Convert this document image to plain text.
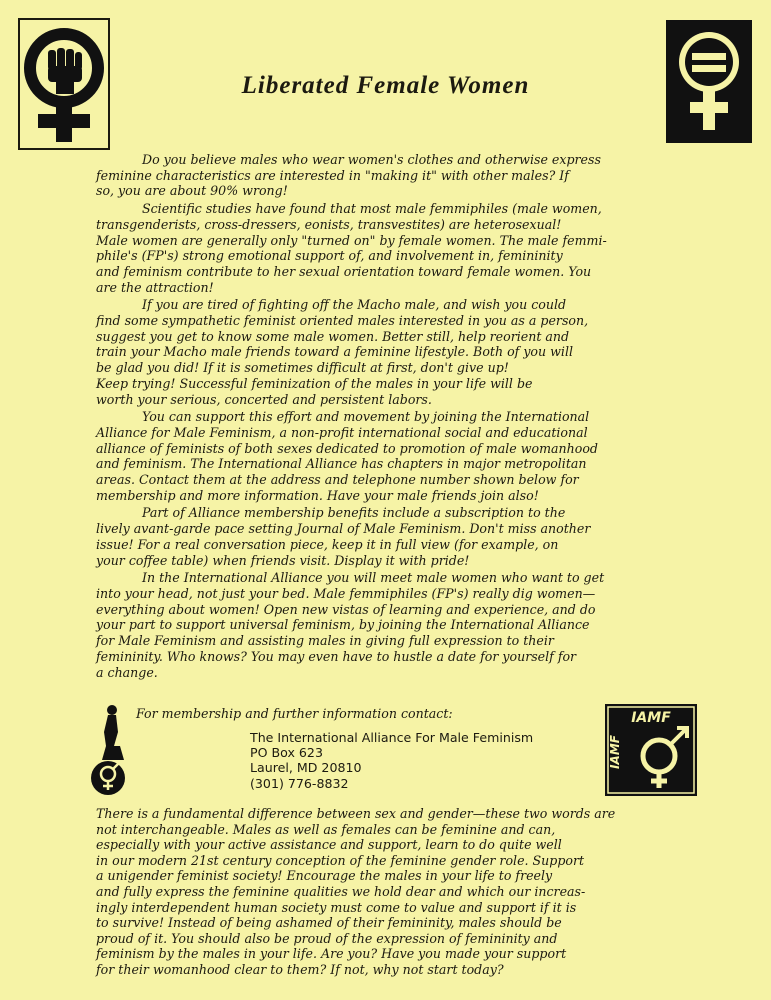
Liberated Female Women

Do you believe males who wear women's clothes and otherwise express
feminine characteristics are interested in "making it" with other males? If
so, you are about 90% wrong!

Scientific studies have found that most male femmiphiles (male women,
transgenderists, cross-dressers, eonists, transvestites) are heterosexual!
Male women are generally only "turned on" by female women. The male femmi-
phile's (FP's) strong emotional support of, and involvement in, femininity
and feminism contribute to her sexual orientation toward female women. You
are the attraction!

If you are tired of fighting off the Macho male, and wish you could
find some sympathetic feminist oriented males interested in you as a person,
suggest you get to know some male women. Better still, help reorient and
train your Macho male friends toward a feminine lifestyle. Both of you will
be glad you did! If it is sometimes difficult at first, don't give up!
Keep trying! Successful feminization of the males in your life will be
worth your serious, concerted and persistent labors.

You can support this effort and movement by joining the International
Alliance for Male Feminism, a non-profit international social and educational
alliance of feminists of both sexes dedicated to promotion of male womanhood
and feminism. The International Alliance has chapters in major metropolitan
areas. Contact them at the address and telephone number shown below for
membership and more information. Have your male friends join also!

Part of Alliance membership benefits include a subscription to the
lively avant-garde pace setting Journal of Male Feminism. Don't miss another
issue! For a real conversation piece, keep it in full view (for example, on
your coffee table) when friends visit. Display it with pride!

In the International Alliance you will meet male women who want to get
into your head, not just your bed. Male femmiphiles (FP's) really dig women—
everything about women! Open new vistas of learning and experience, and do
your part to support universal feminism, by joining the International Alliance
for Male Feminism and assisting males in giving full expression to their
femininity. Who knows? You may even have to hustle a date for yourself for
a change.

For membership and further information contact:
The International Alliance For Male Feminism
PO Box 623
Laurel, MD 20810
(301) 776-8832
IAMF
IAMF

There is a fundamental difference between sex and gender—these two words are
not interchangeable. Males as well as females can be feminine and can,
especially with your active assistance and support, learn to do quite well
in our modern 21st century conception of the feminine gender role. Support
a unigender feminist society! Encourage the males in your life to freely
and fully express the feminine qualities we hold dear and which our increas-
ingly interdependent human society must come to value and support if it is
to survive! Instead of being ashamed of their femininity, males should be
proud of it. You should also be proud of the expression of femininity and
feminism by the males in your life. Are you? Have you made your support
for their womanhood clear to them? If not, why not start today?
